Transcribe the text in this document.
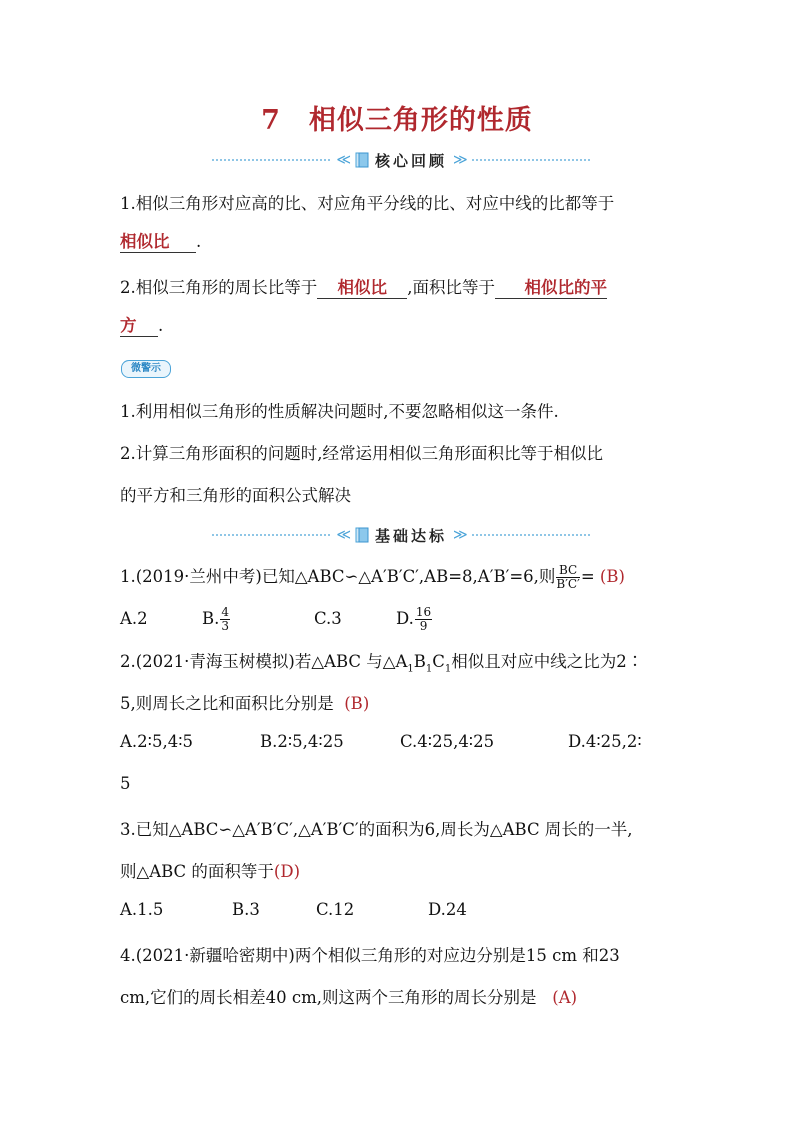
7 相似三角形的性质
≪ 核心回顾 ≫
1.相似三角形对应高的比、对应角平分线的比、对应中线的比都等于
相似比 .
2.相似三角形的周长比等于 相似比 ,面积比等于 相似比的平
方 .
微警示
1.利用相似三角形的性质解决问题时,不要忽略相似这一条件.
2.计算三角形面积的问题时,经常运用相似三角形面积比等于相似比
的平方和三角形的面积公式解决
≪ 基础达标 ≫
1.(2019·兰州中考)已知△ABC∽△A′B′C′,AB=8,A′B′=6,则 $\frac{BC}{B'C'} = (B)$
A.2	B. $\frac{4}{3}$	C.3	D. $\frac{16}{9}$
2.(2021·青海玉树模拟)若△ABC 与$\triangle A_1B_1C_1$相似且对应中线之比为2∶
5,则周长之比和面积比分别是 (B)
A.2∶5,4∶5	B.2∶5,4∶25	C.4∶25,4∶25	D.4∶25,2∶
5
3.已知△ABC∽△A′B′C′,△A′B′C′的面积为6,周长为△ABC 周长的一半,
则△ABC 的面积等于(D)
A.1.5	B.3	C.12	D.24
4.(2021·新疆哈密期中)两个相似三角形的对应边分别是15 cm 和23
cm,它们的周长相差40 cm,则这两个三角形的周长分别是 (A)
